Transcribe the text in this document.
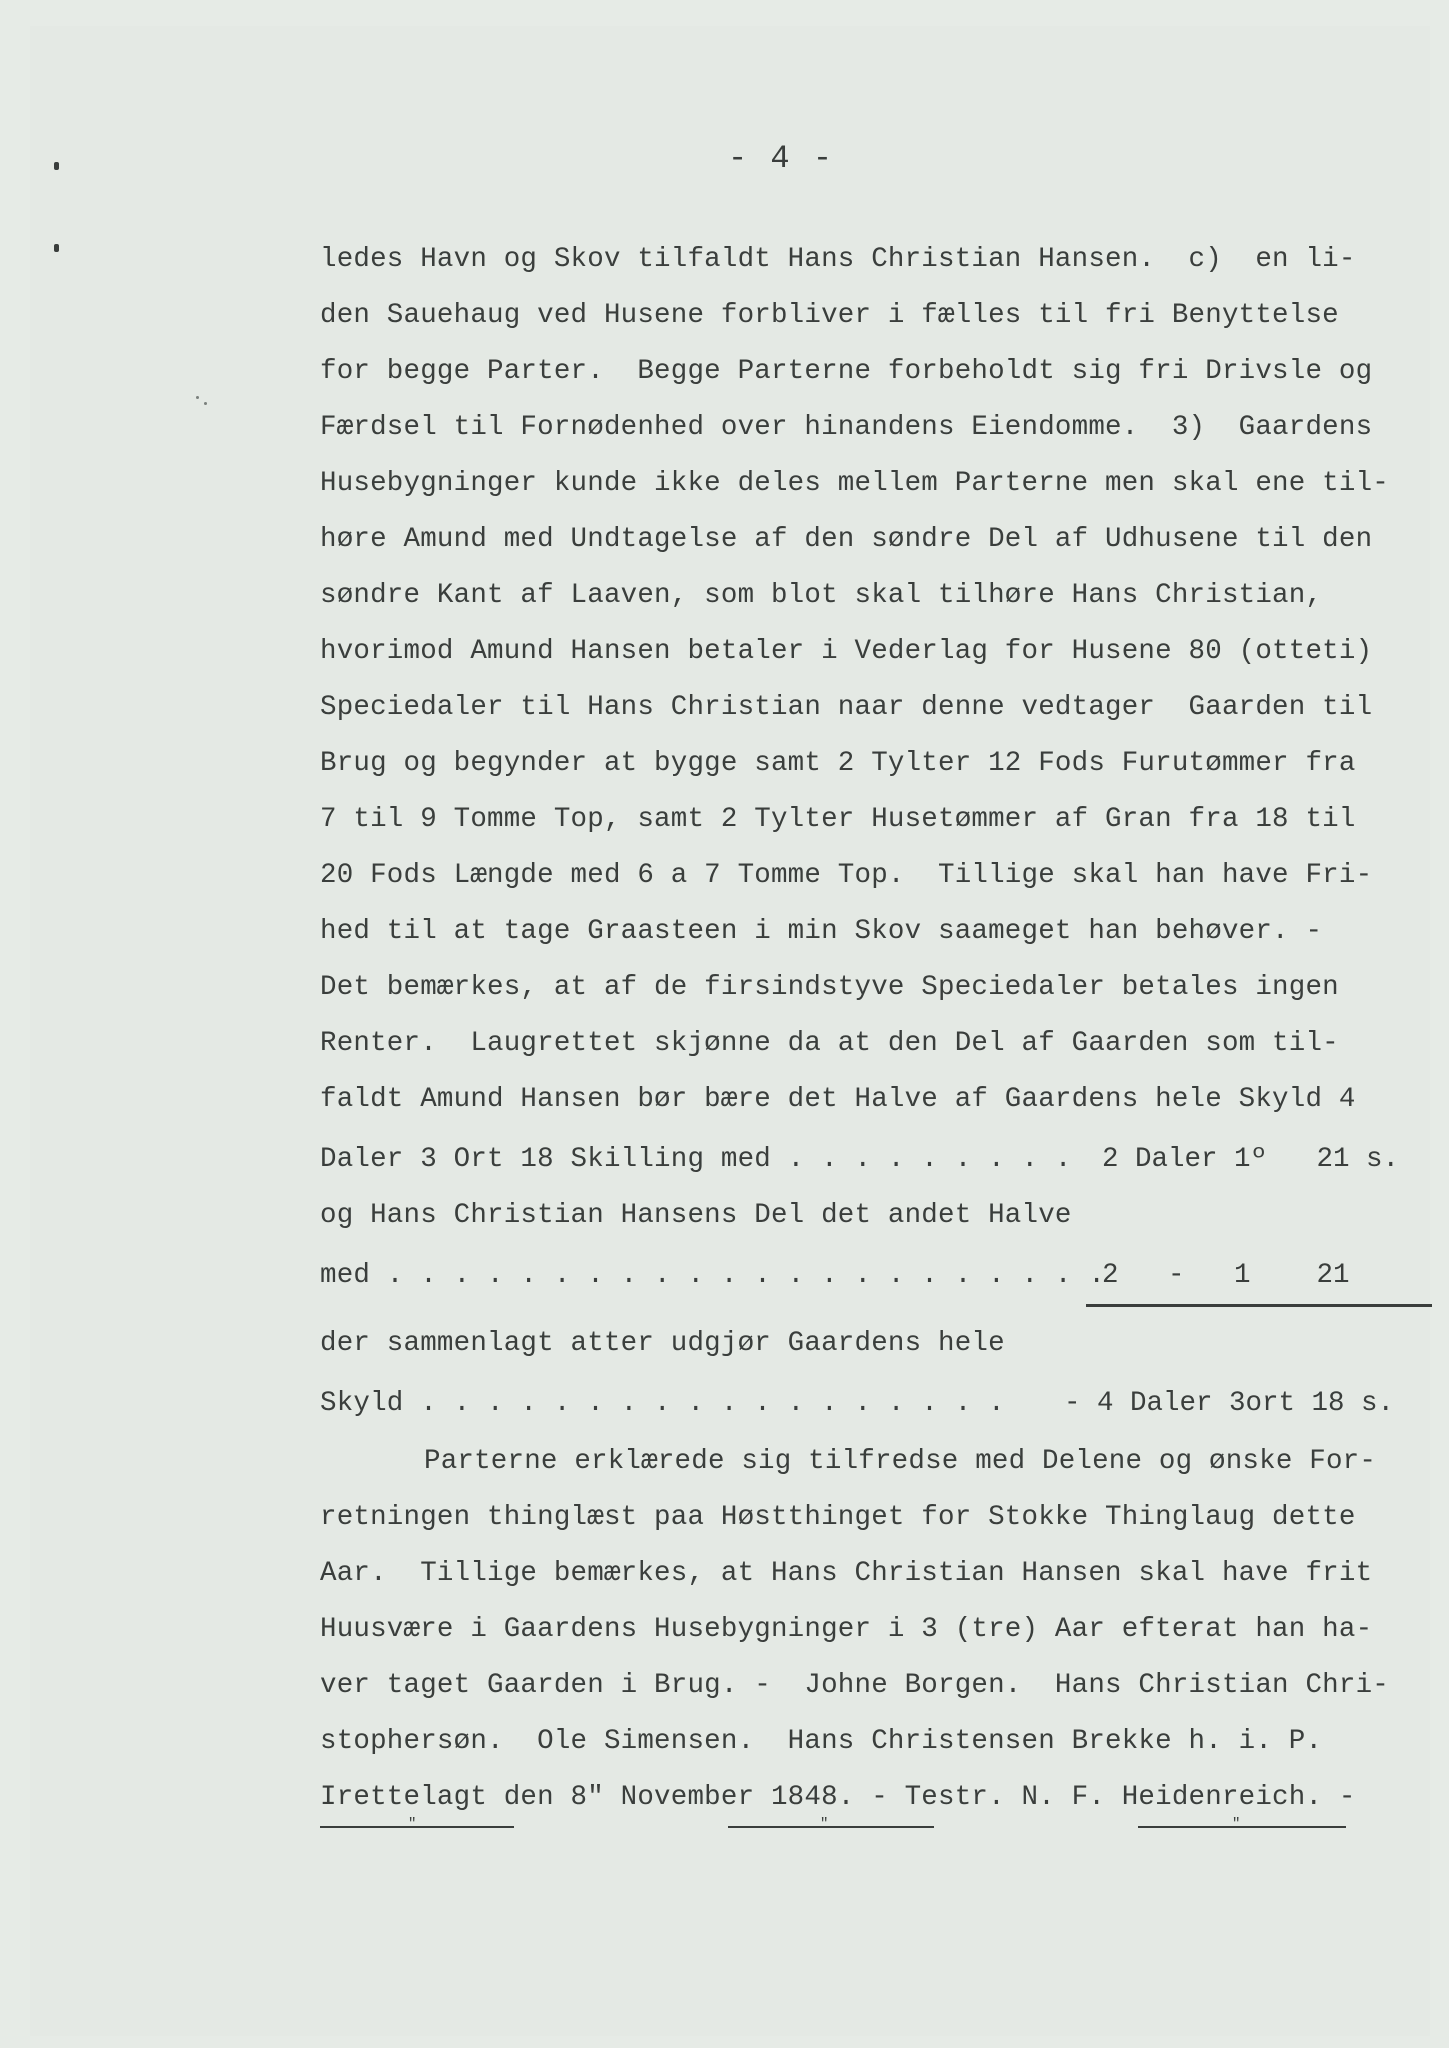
- 4 -
ledes Havn og Skov tilfaldt Hans Christian Hansen.  c)  en li-
den Sauehaug ved Husene forbliver i fælles til fri Benyttelse
for begge Parter.  Begge Parterne forbeholdt sig fri Drivsle og
Færdsel til Fornødenhed over hinandens Eiendomme.  3)  Gaardens
Husebygninger kunde ikke deles mellem Parterne men skal ene til-
høre Amund med Undtagelse af den søndre Del af Udhusene til den
søndre Kant af Laaven, som blot skal tilhøre Hans Christian,
hvorimod Amund Hansen betaler i Vederlag for Husene 80 (otteti)
Speciedaler til Hans Christian naar denne vedtager  Gaarden til
Brug og begynder at bygge samt 2 Tylter 12 Fods Furutømmer fra
7 til 9 Tomme Top, samt 2 Tylter Husetømmer af Gran fra 18 til
20 Fods Længde med 6 a 7 Tomme Top.  Tillige skal han have Fri-
hed til at tage Graasteen i min Skov saameget han behøver. -
Det bemærkes, at af de firsindstyve Speciedaler betales ingen
Renter.  Laugrettet skjønne da at den Del af Gaarden som til-
faldt Amund Hansen bør bære det Halve af Gaardens hele Skyld 4
Daler 3 Ort 18 Skilling med . . . . . . . . . 2 Daler 1º   21 s.
og Hans Christian Hansens Del det andet Halve
med . . . . . . . . . . . . . . . . . . . . . .
2   -   1    21
der sammenlagt atter udgjør Gaardens hele
Skyld . . . . . . . . . . . . . . . . . . - 4 Daler 3ort 18 s.
Parterne erklærede sig tilfredse med Delene og ønske For-
retningen thinglæst paa Høstthinget for Stokke Thinglaug dette
Aar.  Tillige bemærkes, at Hans Christian Hansen skal have frit
Huusvære i Gaardens Husebygninger i 3 (tre) Aar efterat han ha-
ver taget Gaarden i Brug. -  Johne Borgen.  Hans Christian Chri-
stophersøn.  Ole Simensen.  Hans Christensen Brekke h. i. P.
Irettelagt den 8" November 1848. - Testr. N. F. Heidenreich. -
"	"	"
